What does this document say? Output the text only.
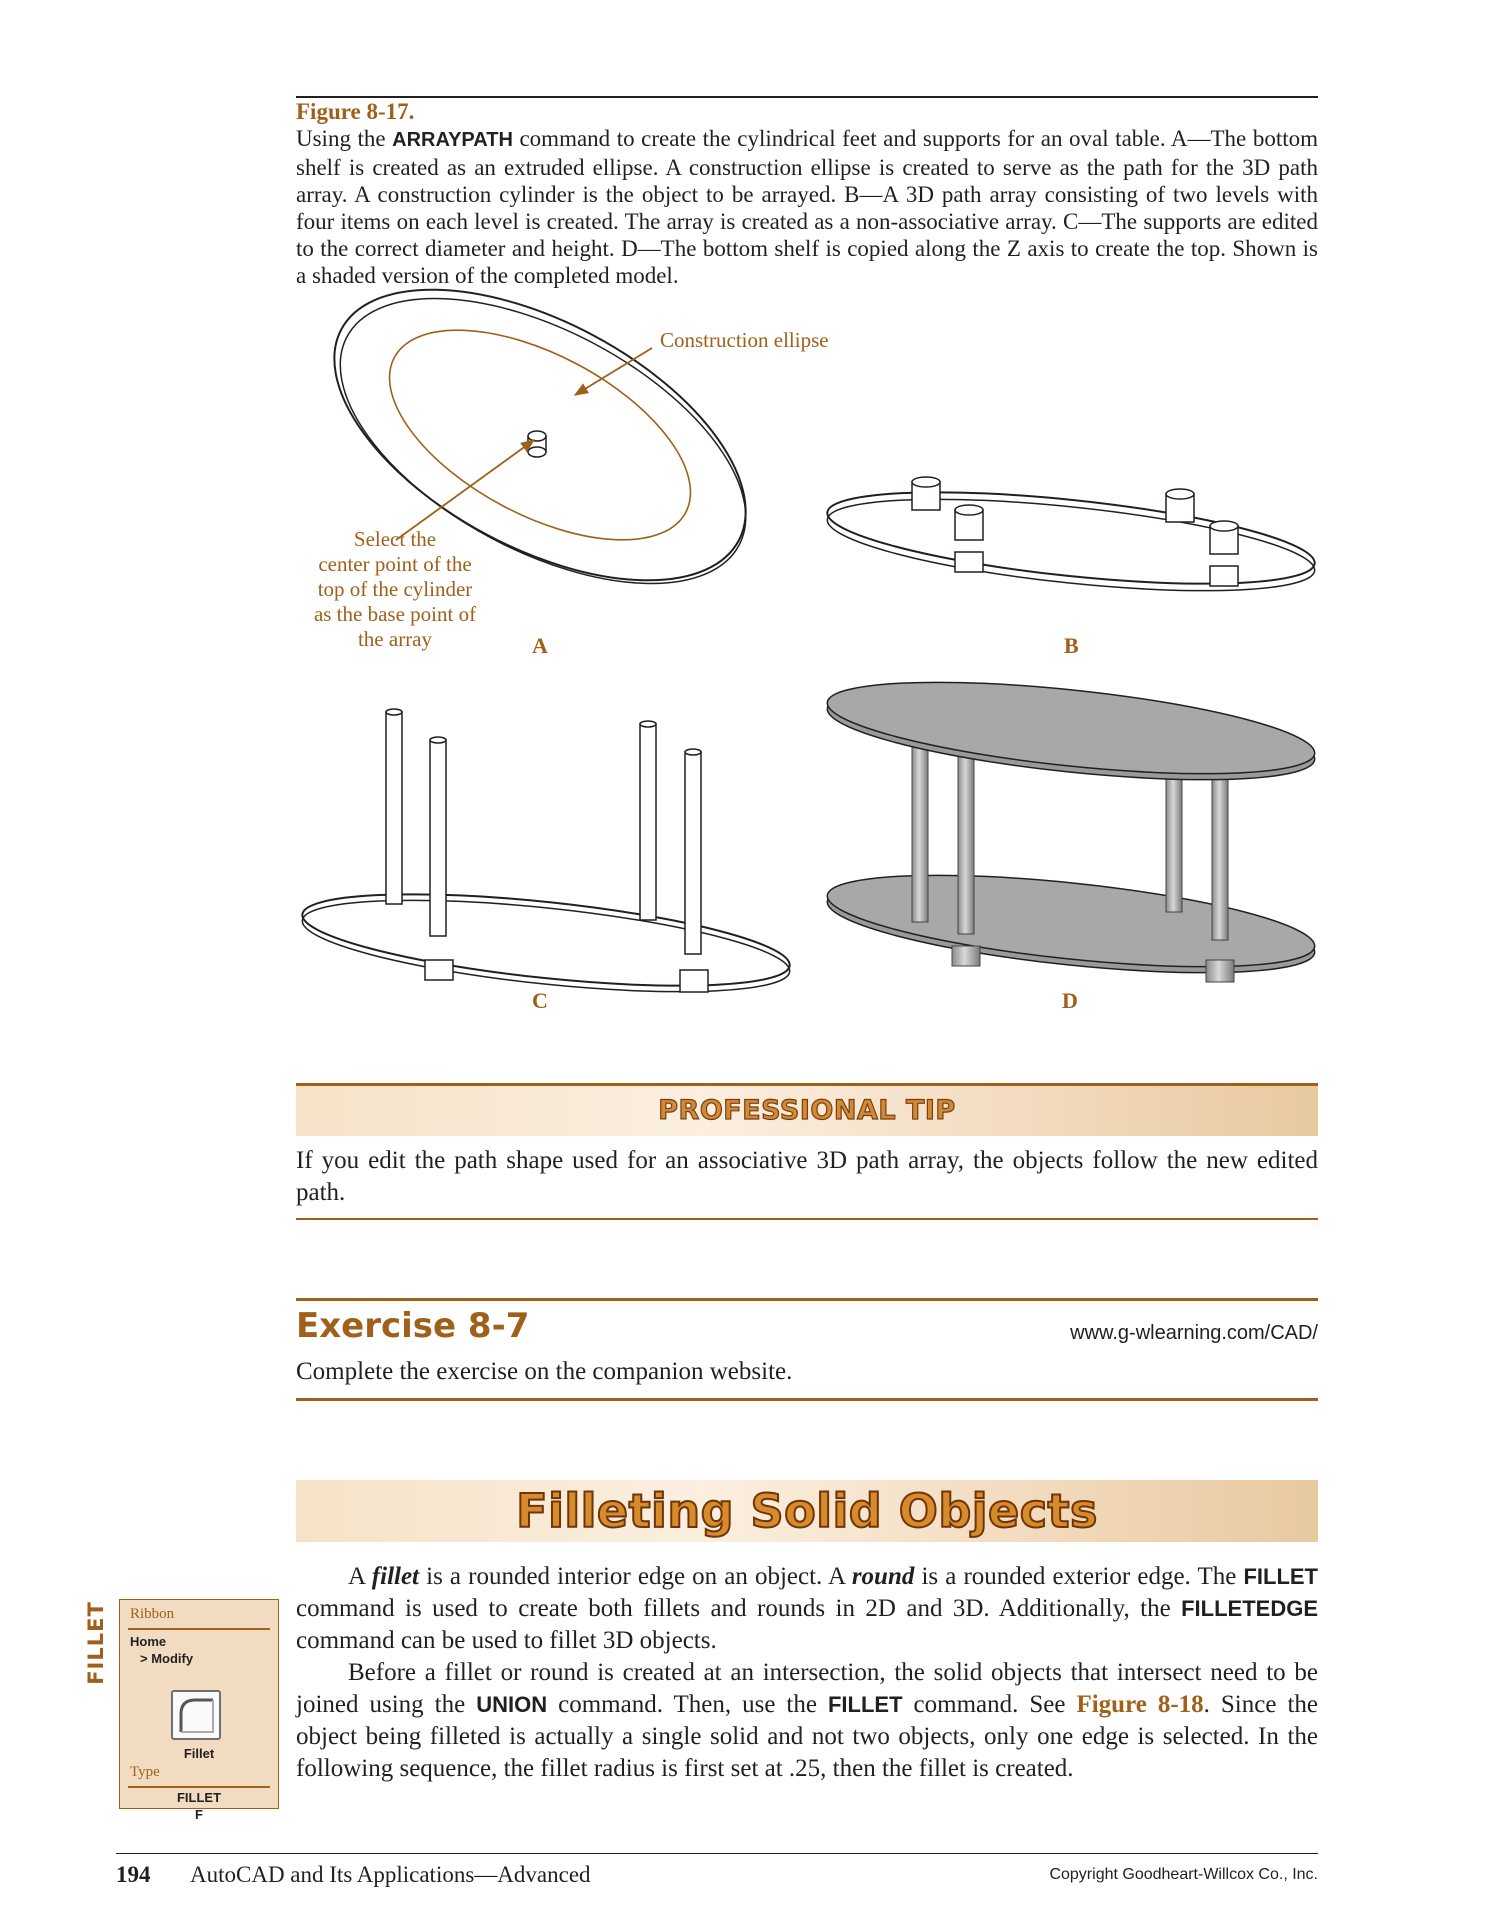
Figure 8-17.
Using the ARRAYPATH command to create the cylindrical feet and supports for an oval table. A—The bottom shelf is created as an extruded ellipse. A construction ellipse is created to serve as the path for the 3D path array. A construction cylinder is the object to be arrayed. B—A 3D path array consisting of two levels with four items on each level is created. The array is created as a non-associative array. C—The supports are edited to the correct diameter and height. D—The bottom shelf is copied along the Z axis to create the top. Shown is a shaded version of the completed model.
Construction ellipse
Select the
center point of the
top of the cylinder
as the base point of
the array	A	B
C	D
PROFESSIONAL TIP
If you edit the path shape used for an associative 3D path array, the objects follow the new edited path.
Exercise 8-7	www.g-wlearning.com/CAD/
Complete the exercise on the companion website.
Filleting Solid Objects

A fillet is a rounded interior edge on an object. A round is a rounded exterior edge. The FILLET command is used to create both fillets and rounds in 2D and 3D. Additionally, the FILLETEDGE command can be used to fillet 3D objects.

Before a fillet or round is created at an intersection, the solid objects that intersect need to be joined using the UNION command. Then, use the FILLET command. See Figure 8-18. Since the object being filleted is actually a single solid and not two objects, only one edge is selected. In the following sequence, the fillet radius is first set at .25, then the fillet is created.

FILLET Ribbon
Home
> Modify
Fillet
Type
FILLET
F
194 AutoCAD and Its Applications—Advanced	Copyright Goodheart-Willcox Co., Inc.
